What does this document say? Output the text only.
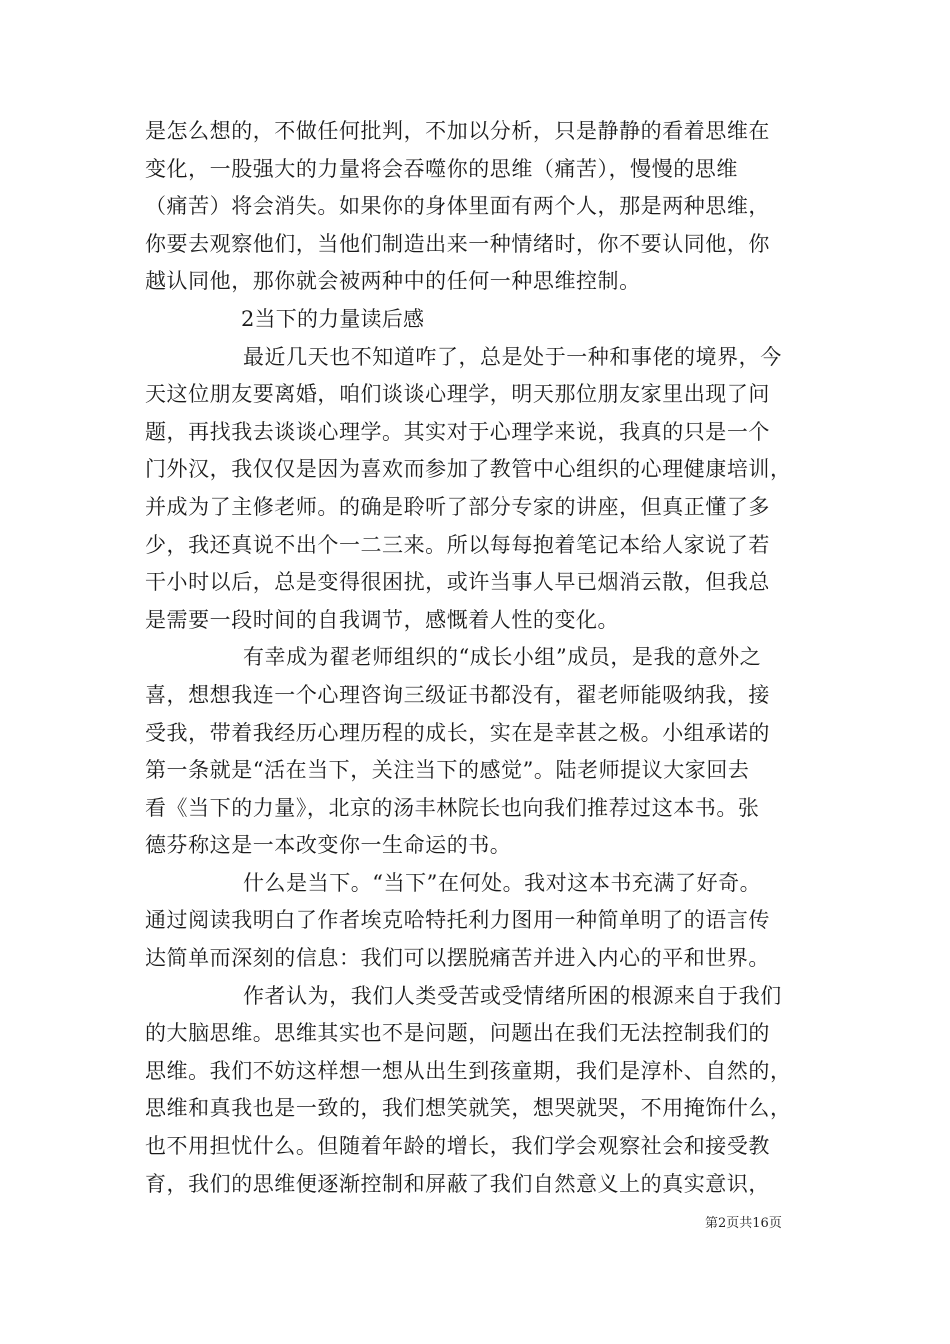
是怎么想的，不做任何批判，不加以分析，只是静静的看着思维在
变化，一股强大的力量将会吞噬你的思维（痛苦），慢慢的思维
（痛苦）将会消失。如果你的身体里面有两个人，那是两种思维，
你要去观察他们，当他们制造出来一种情绪时，你不要认同他，你
越认同他，那你就会被两种中的任何一种思维控制。
2当下的力量读后感
最近几天也不知道咋了，总是处于一种和事佬的境界，今
天这位朋友要离婚，咱们谈谈心理学，明天那位朋友家里出现了问
题，再找我去谈谈心理学。其实对于心理学来说，我真的只是一个
门外汉，我仅仅是因为喜欢而参加了教管中心组织的心理健康培训，
并成为了主修老师。的确是聆听了部分专家的讲座，但真正懂了多
少，我还真说不出个一二三来。所以每每抱着笔记本给人家说了若
干小时以后，总是变得很困扰，或许当事人早已烟消云散，但我总
是需要一段时间的自我调节，感慨着人性的变化。
有幸成为翟老师组织的“成长小组”成员，是我的意外之
喜，想想我连一个心理咨询三级证书都没有，翟老师能吸纳我，接
受我，带着我经历心理历程的成长，实在是幸甚之极。小组承诺的
第一条就是“活在当下，关注当下的感觉”。陆老师提议大家回去
看《当下的力量》，北京的汤丰林院长也向我们推荐过这本书。张
德芬称这是一本改变你一生命运的书。
什么是当下。“当下”在何处。我对这本书充满了好奇。
通过阅读我明白了作者埃克哈特托利力图用一种简单明了的语言传
达简单而深刻的信息：我们可以摆脱痛苦并进入内心的平和世界。
作者认为，我们人类受苦或受情绪所困的根源来自于我们
的大脑思维。思维其实也不是问题，问题出在我们无法控制我们的
思维。我们不妨这样想一想从出生到孩童期，我们是淳朴、自然的，
思维和真我也是一致的，我们想笑就笑，想哭就哭，不用掩饰什么，
也不用担忧什么。但随着年龄的增长，我们学会观察社会和接受教
育，我们的思维便逐渐控制和屏蔽了我们自然意义上的真实意识，
第2页共16页
